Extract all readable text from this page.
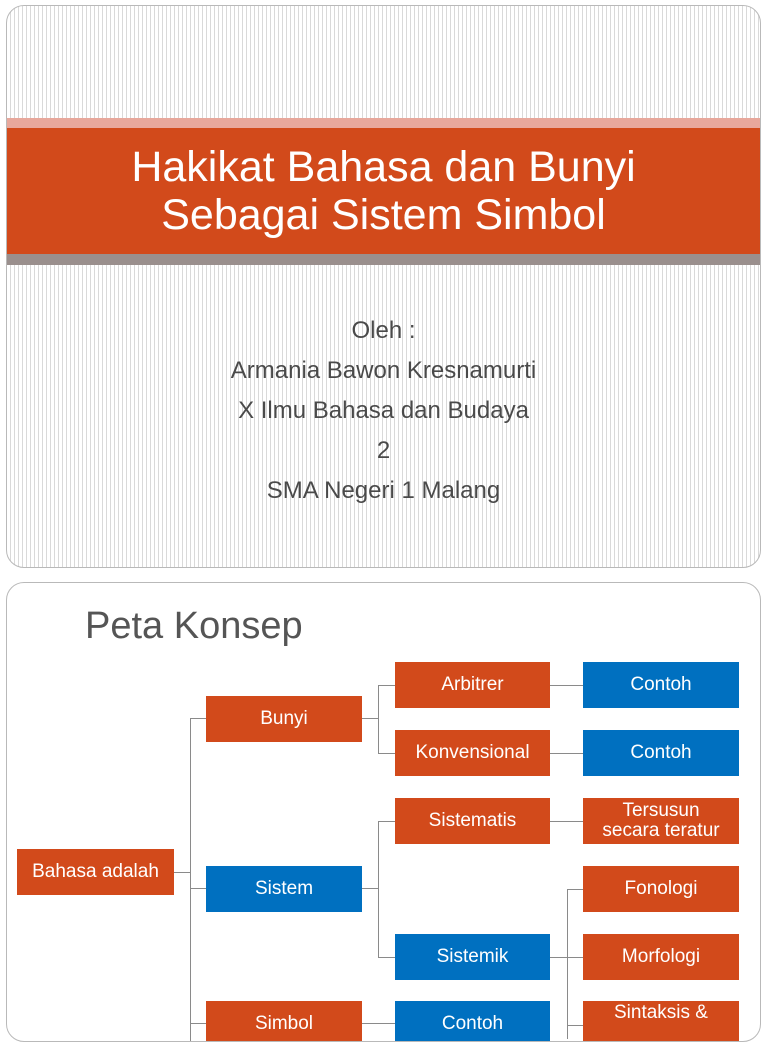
Hakikat Bahasa dan Bunyi
Sebagai Sistem Simbol
Oleh :
Armania Bawon Kresnamurti
X Ilmu Bahasa dan Budaya
2
SMA Negeri 1 Malang
Peta Konsep
Bahasa adalah
Bunyi
Sistem
Simbol
Arbitrer
Konvensional
Sistematis
Sistemik
Contoh
Contoh
Contoh
Tersusun secara teratur
Fonologi
Morfologi
Sintaksis &
